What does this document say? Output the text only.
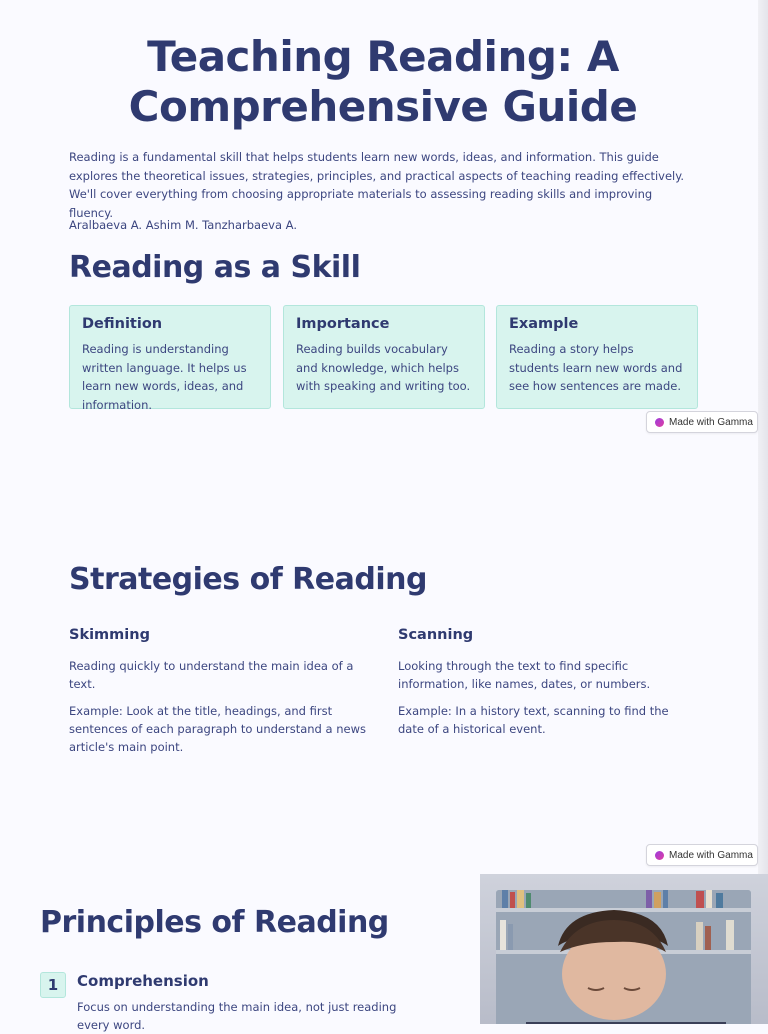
Teaching Reading: A
Comprehensive Guide

Reading is a fundamental skill that helps students learn new words, ideas, and information. This guide explores the theoretical issues, strategies, principles, and practical aspects of teaching reading effectively. We'll cover everything from choosing appropriate materials to assessing reading skills and improving fluency.

Aralbaeva A. Ashim M. Tanzharbaeva A.

Reading as a Skill
Definition

Reading is understanding written language. It helps us learn new words, ideas, and information.

Importance

Reading builds vocabulary and knowledge, which helps with speaking and writing too.

Example

Reading a story helps students learn new words and see how sentences are made.

Made with Gamma
Strategies of Reading
Skimming

Reading quickly to understand the main idea of a text.

Example: Look at the title, headings, and first sentences of each paragraph to understand a news article's main point.

Scanning

Looking through the text to find specific information, like names, dates, or numbers.

Example: In a history text, scanning to find the date of a historical event.

Made with Gamma
Principles of Reading
1	Comprehension

Focus on understanding the main idea, not just reading every word.
